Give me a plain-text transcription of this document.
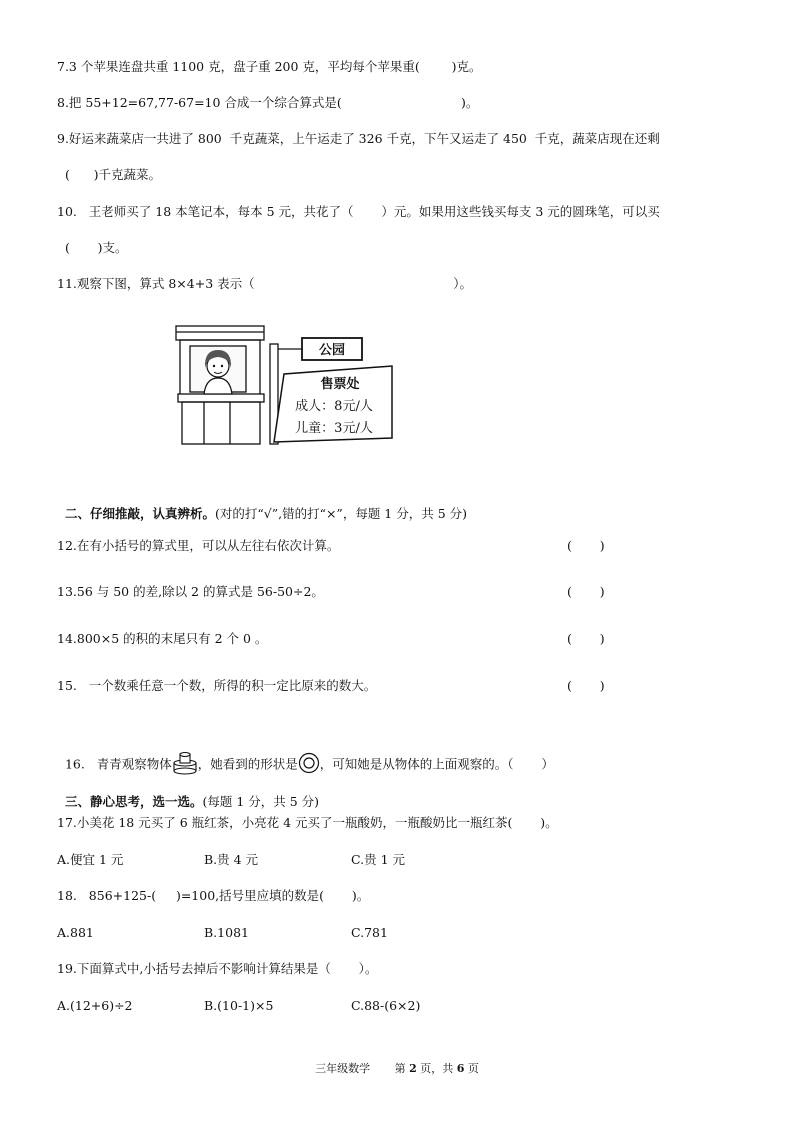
7.3 个苹果连盘共重 1100 克，盘子重 200 克，平均每个苹果重(        )克。
8.把 55+12=67,77-67=10 合成一个综合算式是(                              )。
9.好运来蔬菜店一共进了 800  千克蔬菜，上午运走了 326 千克，下午又运走了 450  千克，蔬菜店现在还剩
(      )千克蔬菜。
10.   王老师买了 18 本笔记本，每本 5 元，共花了（       ）元。如果用这些钱买每支 3 元的圆珠笔，可以买
(       )支。
11.观察下图，算式 8×4+3 表示（                                                  ）。
公园
售票处
成人：8元/人
儿童：3元/人

二、仔细推敲，认真辨析。(对的打“√”,错的打“×”，每题 1 分，共 5 分)

12.在有小括号的算式里，可以从左往右依次计算。	(       )
13.56 与 50 的差,除以 2 的算式是 56-50÷2。	(       )
14.800×5 的积的末尾只有 2 个 0 。	(       )
15.   一个数乘任意一个数，所得的积一定比原来的数大。	(       )

16.   青青观察物体 ，她看到的形状是 ，可知她是从物体的上面观察的。（       ）

三、静心思考，选一选。(每题 1 分，共 5 分)

17.小美花 18 元买了 6 瓶红茶，小亮花 4 元买了一瓶酸奶，一瓶酸奶比一瓶红茶(       )。
A.便宜 1 元	B.贵 4 元	C.贵 1 元
18.   856+125-(     )=100,括号里应填的数是(       )。
A.881	B.1081	C.781
19.下面算式中,小括号去掉后不影响计算结果是（       ）。
A.(12+6)÷2	B.(10-1)×5	C.88-(6×2)
三年级数学 第 2 页，共 6 页
